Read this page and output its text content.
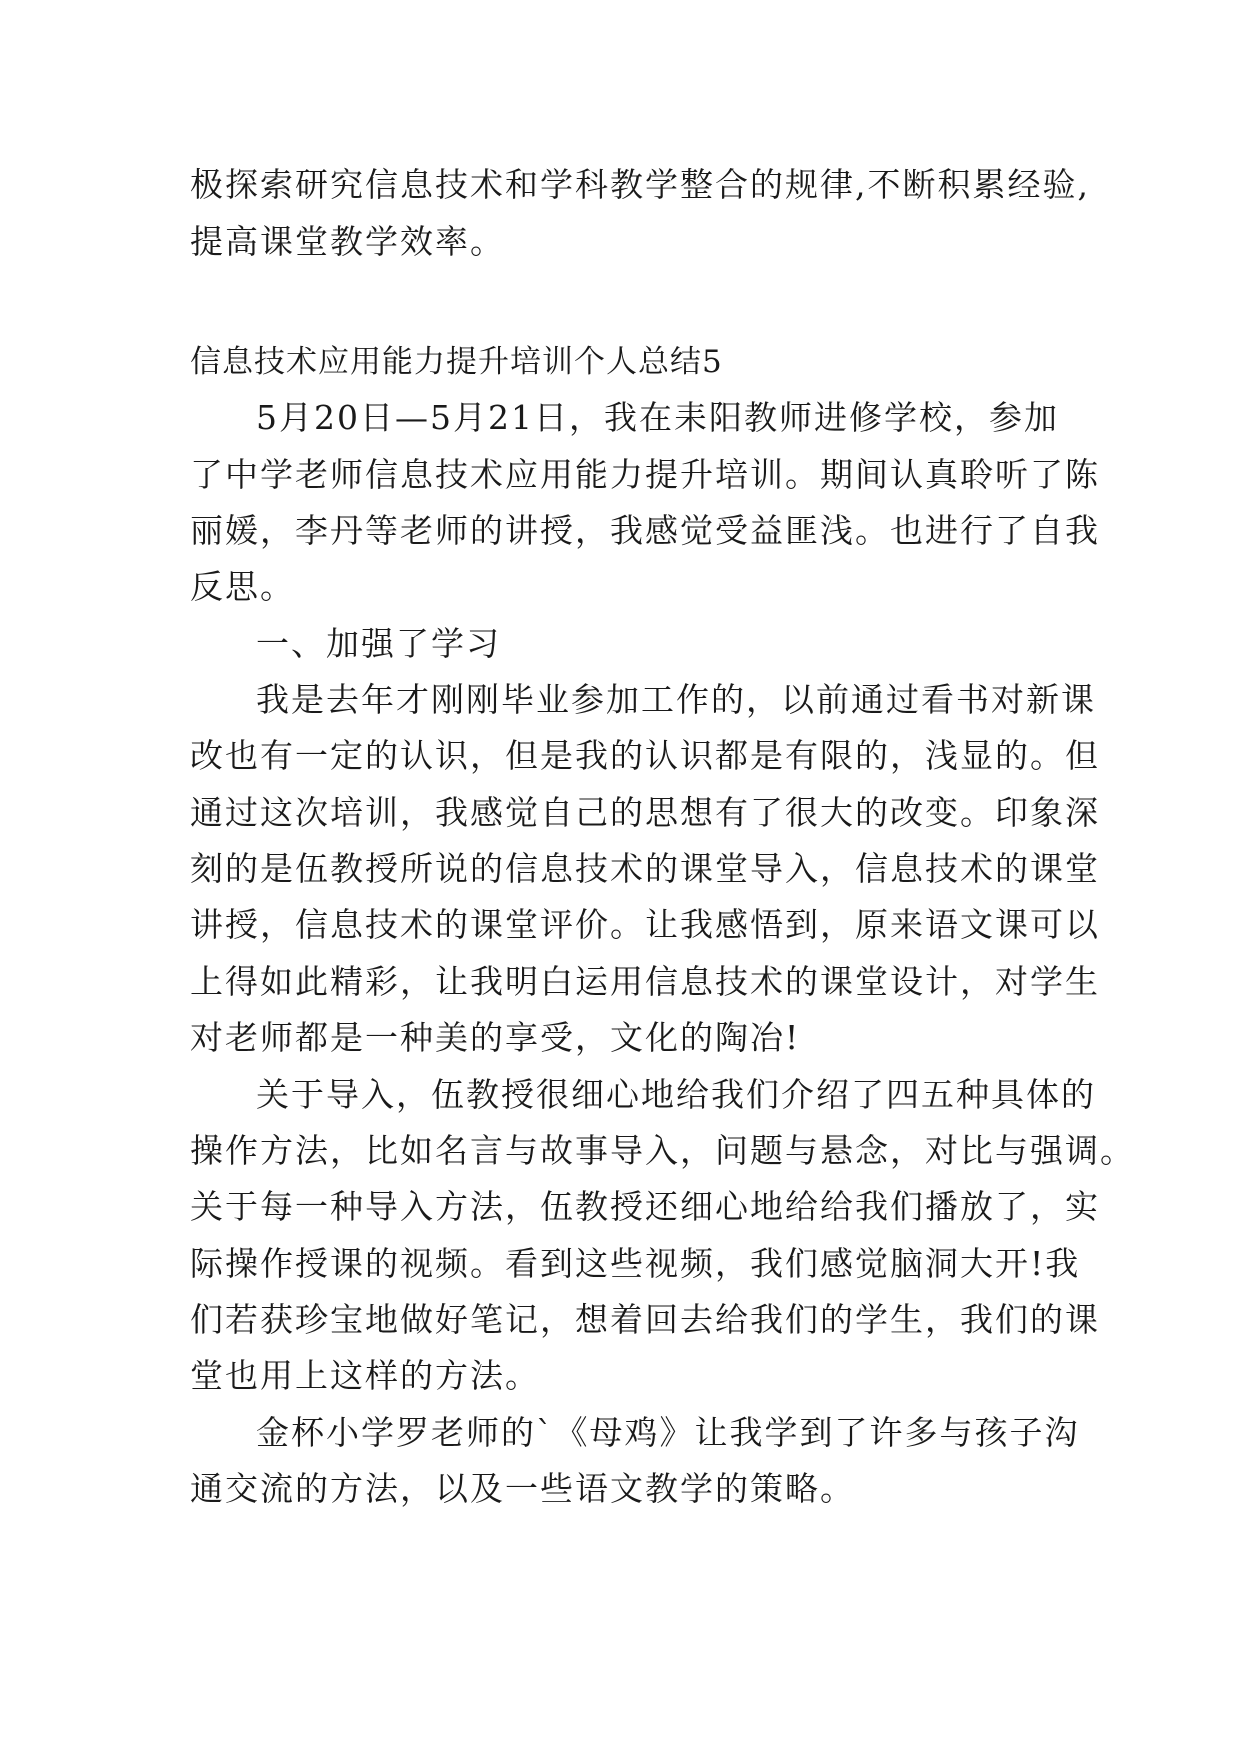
极探索研究信息技术和学科教学整合的规律,不断积累经验,
提高课堂教学效率。
信息技术应用能力提升培训个人总结5
5月20日—5月21日，我在耒阳教师进修学校，参加
了中学老师信息技术应用能力提升培训。期间认真聆听了陈
丽媛，李丹等老师的讲授，我感觉受益匪浅。也进行了自我
反思。
一、加强了学习
我是去年才刚刚毕业参加工作的，以前通过看书对新课
改也有一定的认识，但是我的认识都是有限的，浅显的。但
通过这次培训，我感觉自己的思想有了很大的改变。印象深
刻的是伍教授所说的信息技术的课堂导入，信息技术的课堂
讲授，信息技术的课堂评价。让我感悟到，原来语文课可以
上得如此精彩，让我明白运用信息技术的课堂设计，对学生
对老师都是一种美的享受，文化的陶冶!
关于导入，伍教授很细心地给我们介绍了四五种具体的
操作方法，比如名言与故事导入，问题与悬念，对比与强调。
关于每一种导入方法，伍教授还细心地给给我们播放了，实
际操作授课的视频。看到这些视频，我们感觉脑洞大开!我
们若获珍宝地做好笔记，想着回去给我们的学生，我们的课
堂也用上这样的方法。
金杯小学罗老师的`《母鸡》让我学到了许多与孩子沟
通交流的方法，以及一些语文教学的策略。
